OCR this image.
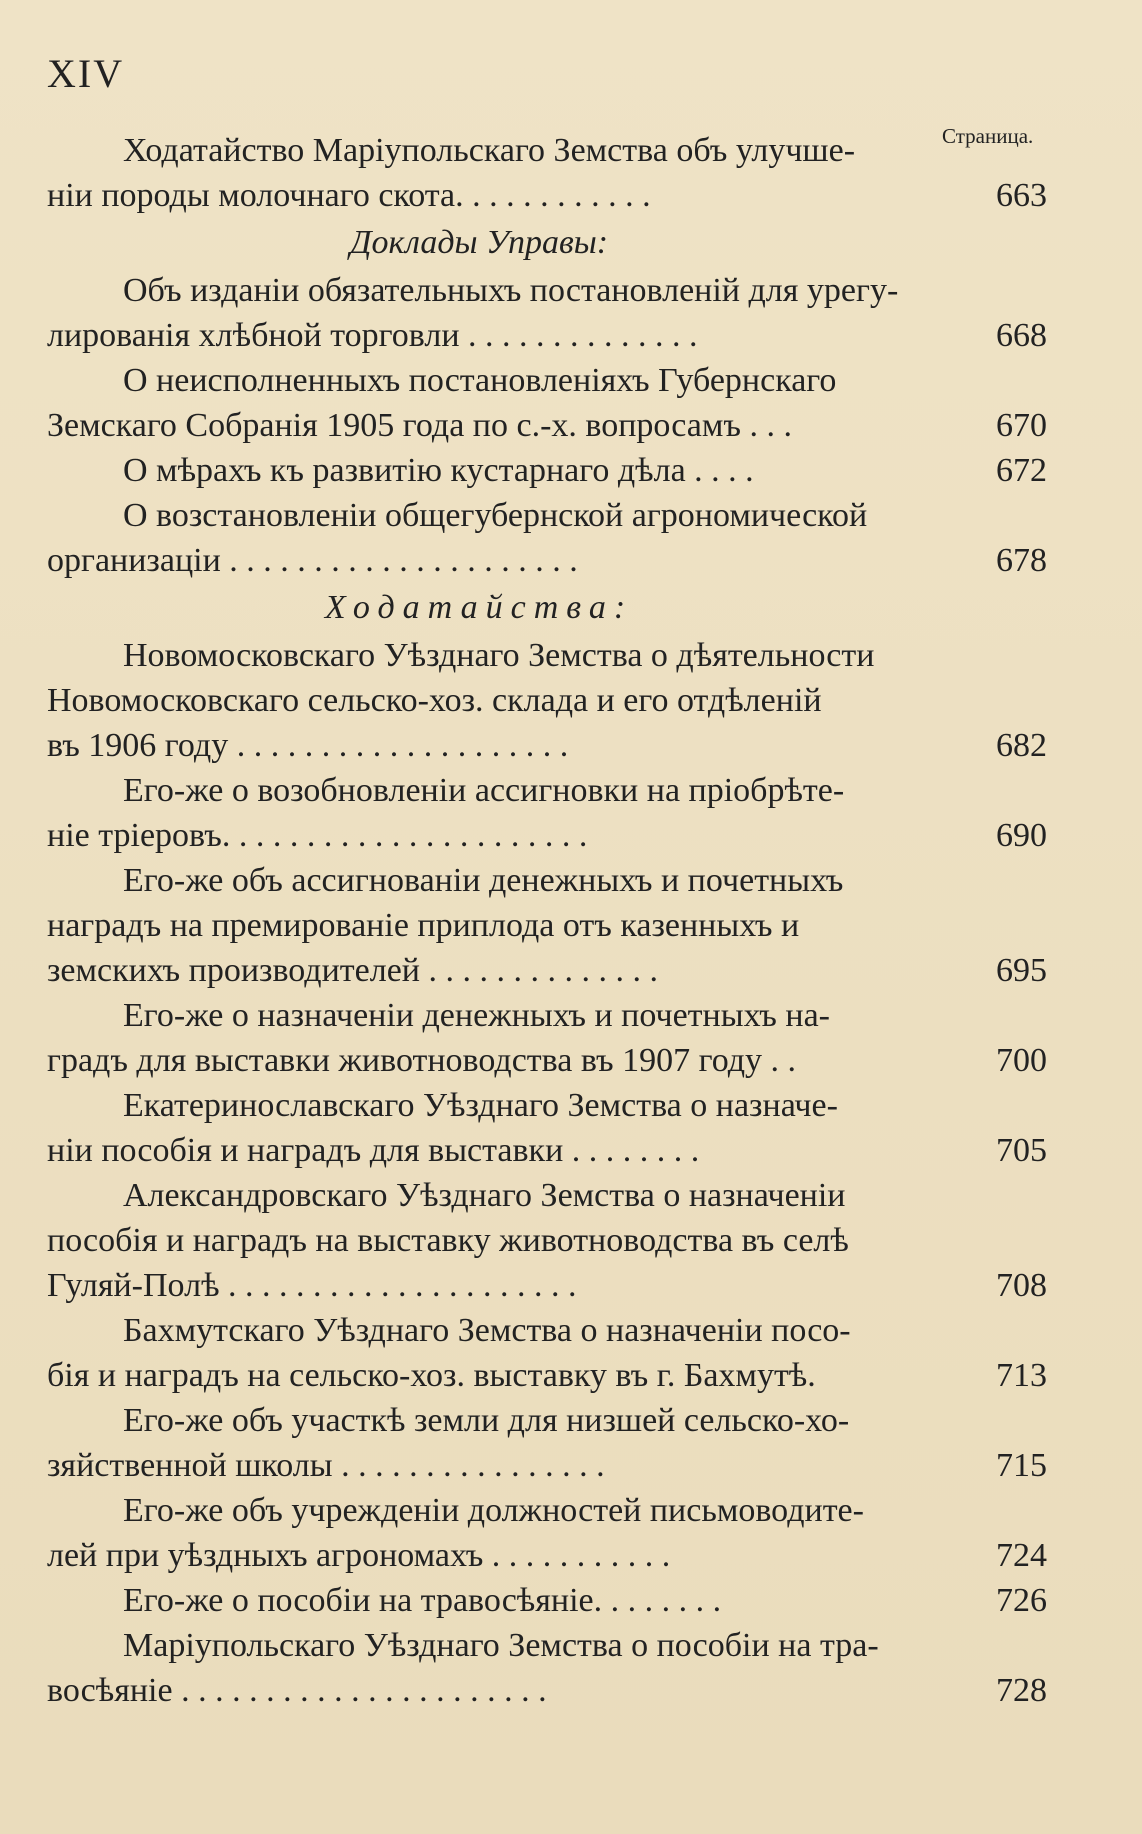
XIV
Страница.
Ходатайство Маріупольскаго Земства объ улучше-
ніи породы молочнаго скота. . . . . . . . . . . .	663
Доклады Управы:
Объ изданіи обязательныхъ постановленій для урегу-
лированія хлѣбной торговли . . . . . . . . . . . . . .	668
О неисполненныхъ постановленіяхъ Губернскаго
Земскаго Собранія 1905 года по с.-х. вопросамъ . . .	670
О мѣрахъ къ развитію кустарнаго дѣла . . . .	672
О возстановленіи общегубернской агрономической
организаціи . . . . . . . . . . . . . . . . . . . . .	678
Ходатайства:
Новомосковскаго Уѣзднаго Земства о дѣятельности
Новомосковскаго сельско-хоз. склада и его отдѣленій
въ 1906 году . . . . . . . . . . . . . . . . . . . .	682
Его-же о возобновленіи ассигновки на пріобрѣте-
ніе тріеровъ. . . . . . . . . . . . . . . . . . . . . .	690
Его-же объ ассигнованіи денежныхъ и почетныхъ
наградъ на премированіе приплода отъ казенныхъ и
земскихъ производителей . . . . . . . . . . . . . .	695
Его-же о назначеніи денежныхъ и почетныхъ на-
градъ для выставки животноводства въ 1907 году . .	700
Екатеринославскаго Уѣзднаго Земства о назначе-
ніи пособія и наградъ для выставки . . . . . . . .	705
Александровскаго Уѣзднаго Земства о назначеніи
пособія и наградъ на выставку животноводства въ селѣ
Гуляй-Полѣ . . . . . . . . . . . . . . . . . . . . .	708
Бахмутскаго Уѣзднаго Земства о назначеніи посо-
бія и наградъ на сельско-хоз. выставку въ г. Бахмутѣ.	713
Его-же объ участкѣ земли для низшей сельско-хо-
зяйственной школы . . . . . . . . . . . . . . . .	715
Его-же объ учрежденіи должностей письмоводите-
лей при уѣздныхъ агрономахъ . . . . . . . . . . .	724
Его-же о пособіи на травосѣяніе. . . . . . . .	726
Маріупольскаго Уѣзднаго Земства о пособіи на тра-
восѣяніе . . . . . . . . . . . . . . . . . . . . . .	728
